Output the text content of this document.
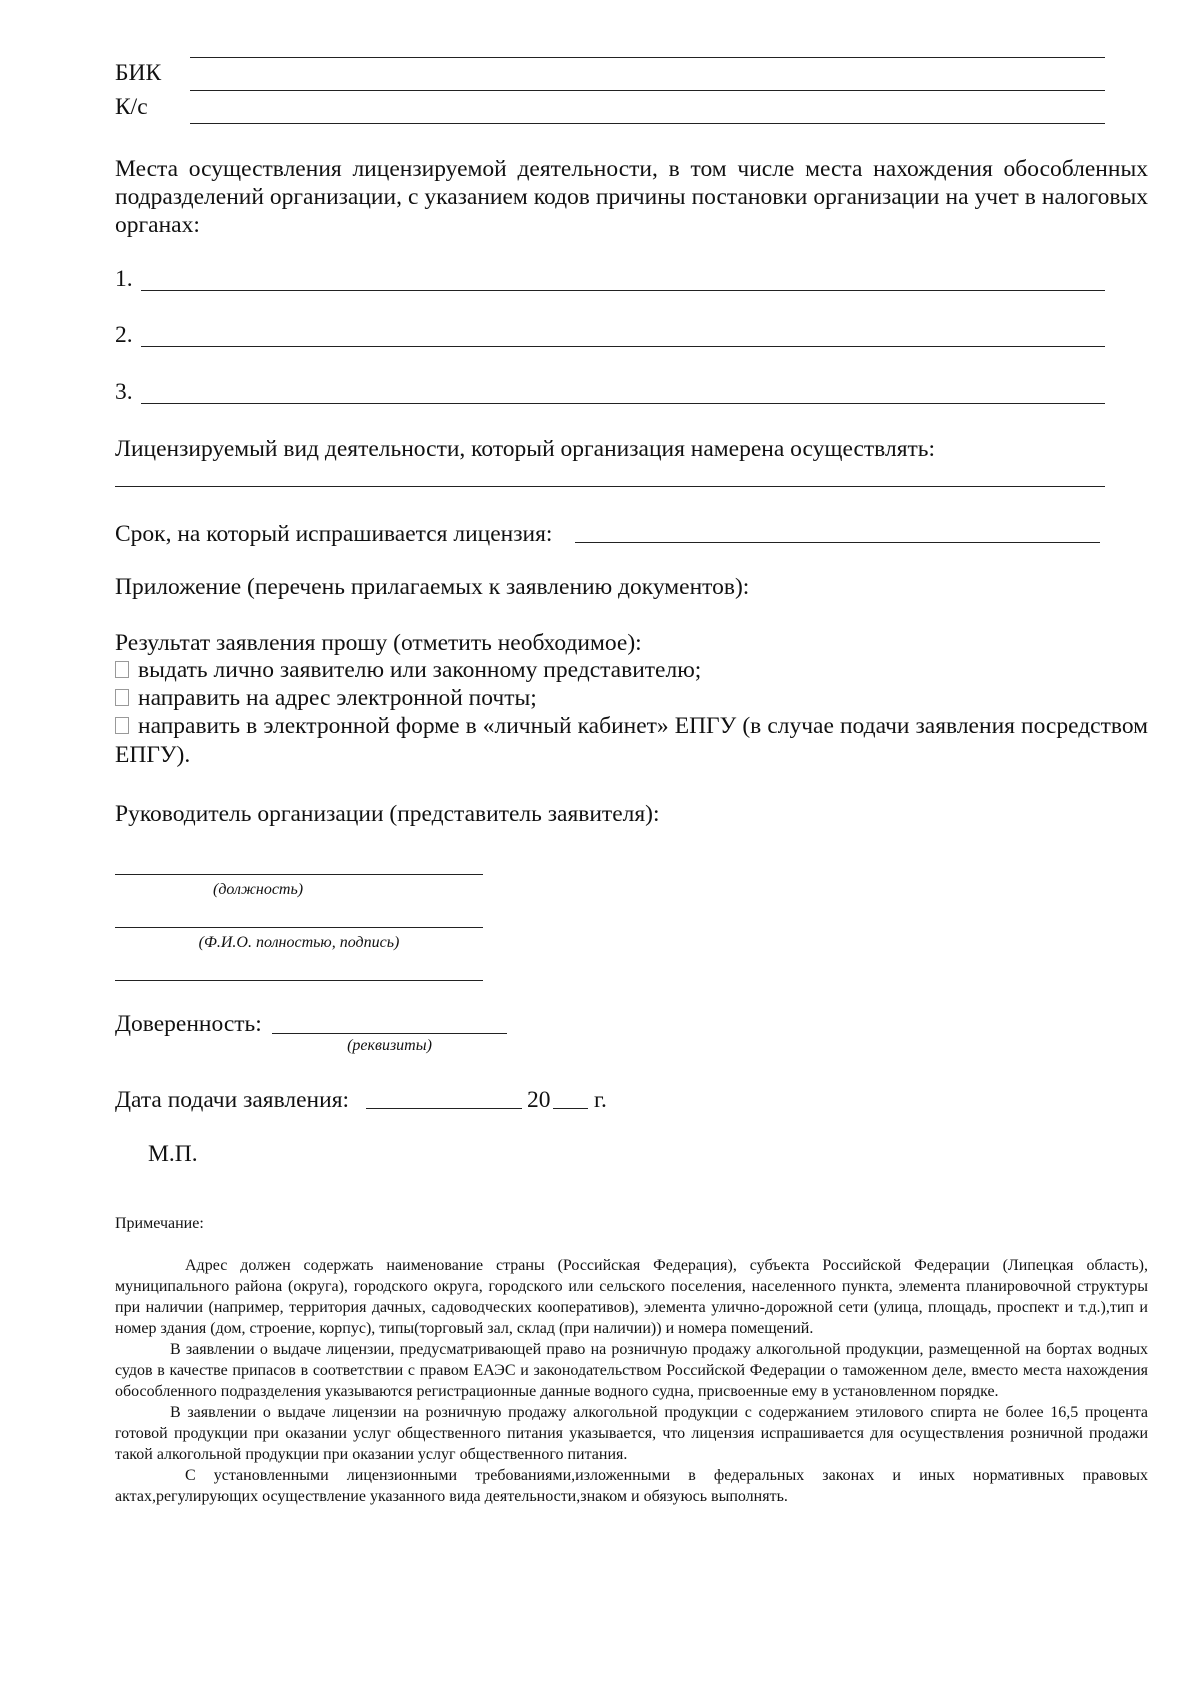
БИК
К/с
Места осуществления лицензируемой деятельности, в том числе места нахождения обособленных подразделений организации, с указанием кодов причины постановки организации на учет в налоговых органах:
1.
2.
3.
Лицензируемый вид деятельности, который организация намерена осуществлять:
Срок, на который испрашивается лицензия:
Приложение (перечень прилагаемых к заявлению документов):
Результат заявления прошу (отметить необходимое):
выдать лично заявителю или законному представителю;
направить на адрес электронной почты;
направить в электронной форме в «личный кабинет» ЕПГУ (в случае подачи заявления посредством ЕПГУ).
Руководитель организации (представитель заявителя):
(должность)
(Ф.И.О. полностью, подпись)
Доверенность:
(реквизиты)
Дата подачи заявления:	20 г.
М.П.
Примечание:
Адрес должен содержать наименование страны (Российская Федерация), субъекта Российской Федерации (Липецкая область), муниципального района (округа), городского округа, городского или сельского поселения, населенного пункта, элемента планировочной структуры при наличии (например, территория дачных, садоводческих кооперативов), элемента улично-дорожной сети (улица, площадь, проспект и т.д.),тип и номер здания (дом, строение, корпус), типы(торговый зал, склад (при наличии)) и номера помещений.
В заявлении о выдаче лицензии, предусматривающей право на розничную продажу алкогольной продукции, размещенной на бортах водных судов в качестве припасов в соответствии с правом ЕАЭС и законодательством Российской Федерации о таможенном деле, вместо места нахождения обособленного подразделения указываются регистрационные данные водного судна, присвоенные ему в установленном порядке.
В заявлении о выдаче лицензии на розничную продажу алкогольной продукции с содержанием этилового спирта не более 16,5 процента готовой продукции при оказании услуг общественного питания указывается, что лицензия испрашивается для осуществления розничной продажи такой алкогольной продукции при оказании услуг общественного питания.
С установленными лицензионными требованиями,изложенными в федеральных законах и иных нормативных правовых актах,регулирующих осуществление указанного вида деятельности,знаком и обязуюсь выполнять.
